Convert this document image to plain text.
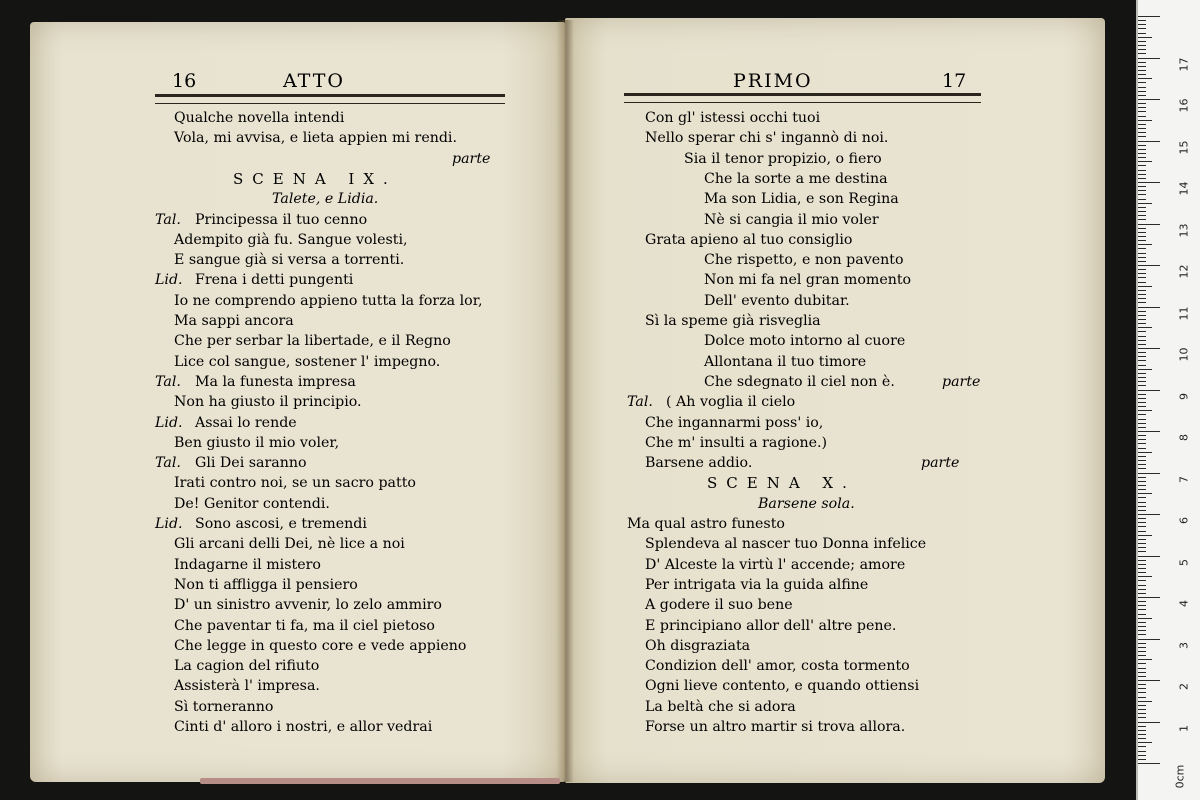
16	ATTO	PRIMO	17
Qualche novella intendi
Vola, mi avvisa, e lieta appien mi rendi.
parte
SCENA IX.
Talete, e Lidia.
Tal. Principessa il tuo cenno
Adempito già fu. Sangue volesti,
E sangue già si versa a torrenti.
Lid. Frena i detti pungenti
Io ne comprendo appieno tutta la forza lor,
Ma sappi ancora
Che per serbar la libertade, e il Regno
Lice col sangue, sostener l' impegno.
Tal. Ma la funesta impresa
Non ha giusto il principio.
Lid. Assai lo rende
Ben giusto il mio voler,
Tal. Gli Dei saranno
Irati contro noi, se un sacro patto
De! Genitor contendi.
Lid. Sono ascosi, e tremendi
Gli arcani delli Dei, nè lice a noi
Indagarne il mistero
Non ti affligga il pensiero
D' un sinistro avvenir, lo zelo ammiro
Che paventar ti fa, ma il ciel pietoso
Che legge in questo core e vede appieno
La cagion del rifiuto
Assisterà l' impresa.
Sì torneranno
Cinti d' alloro i nostri, e allor vedrai
Con gl' istessi occhi tuoi
Nello sperar chi s' ingannò di noi.
Sia il tenor propizio, o fiero
Che la sorte a me destina
Ma son Lidia, e son Regina
Nè si cangia il mio voler
Grata apieno al tuo consiglio
Che rispetto, e non pavento
Non mi fa nel gran momento
Dell' evento dubitar.
Sì la speme già risveglia
Dolce moto intorno al cuore
Allontana il tuo timore
Che sdegnato il ciel non è.	parte
Tal. ( Ah voglia il cielo
Che ingannarmi poss' io,
Che m' insulti a ragione.)
Barsene addio.	parte
SCENA X.
Barsene sola.
Ma qual astro funesto
Splendeva al nascer tuo Donna infelice
D' Alceste la virtù l' accende; amore
Per intrigata via la guida alfine
A godere il suo bene
E principiano allor dell' altre pene.
Oh disgraziata
Condizion dell' amor, costa tormento
Ogni lieve contento, e quando ottiensi
La beltà che si adora
Forse un altro martir si trova allora.
17
16
15
14
13
12
11
10
9
8
7
6
5
4
3
2
1
0cm
